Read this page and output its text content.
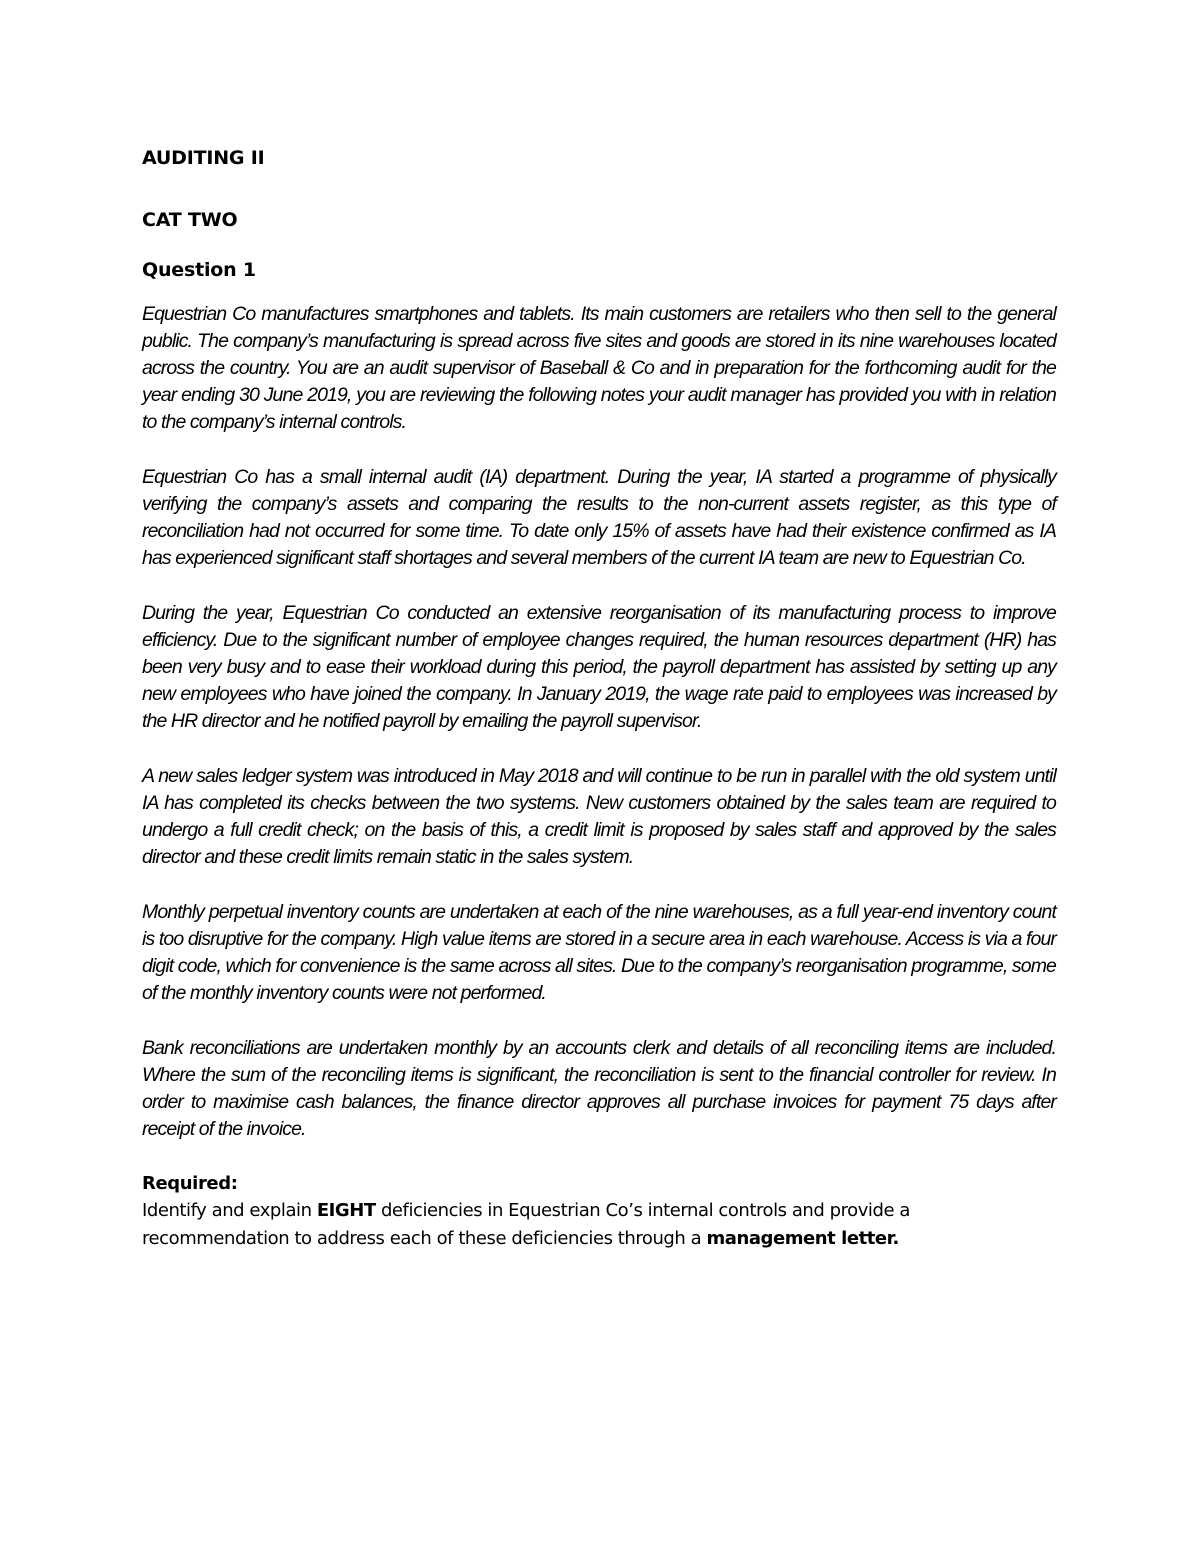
AUDITING II

CAT TWO

Question 1

Equestrian Co manufactures smartphones and tablets. Its main customers are retailers who then sell to the general public. The company’s manufacturing is spread across five sites and goods are stored in its nine warehouses located across the country. You are an audit supervisor of Baseball & Co and in preparation for the forthcoming audit for the year ending 30 June 2019, you are reviewing the following notes your audit manager has provided you with in relation to the company’s internal controls.

Equestrian Co has a small internal audit (IA) department. During the year, IA started a programme of physically verifying the company’s assets and comparing the results to the non-current assets register, as this type of reconciliation had not occurred for some time. To date only 15% of assets have had their existence confirmed as IA has experienced significant staff shortages and several members of the current IA team are new to Equestrian Co.

During the year, Equestrian Co conducted an extensive reorganisation of its manufacturing process to improve efficiency. Due to the significant number of employee changes required, the human resources department (HR) has been very busy and to ease their workload during this period, the payroll department has assisted by setting up any new employees who have joined the company. In January 2019, the wage rate paid to employees was increased by the HR director and he notified payroll by emailing the payroll supervisor.

A new sales ledger system was introduced in May 2018 and will continue to be run in parallel with the old system until IA has completed its checks between the two systems. New customers obtained by the sales team are required to undergo a full credit check; on the basis of this, a credit limit is proposed by sales staff and approved by the sales director and these credit limits remain static in the sales system.

Monthly perpetual inventory counts are undertaken at each of the nine warehouses, as a full year-end inventory count is too disruptive for the company. High value items are stored in a secure area in each warehouse. Access is via a four digit code, which for convenience is the same across all sites. Due to the company’s reorganisation programme, some of the monthly inventory counts were not performed.

Bank reconciliations are undertaken monthly by an accounts clerk and details of all reconciling items are included. Where the sum of the reconciling items is significant, the reconciliation is sent to the financial controller for review. In order to maximise cash balances, the finance director approves all purchase invoices for payment 75 days after receipt of the invoice.

Required:

Identify and explain EIGHT deficiencies in Equestrian Co’s internal controls and provide a

recommendation to address each of these deficiencies through a management letter.
